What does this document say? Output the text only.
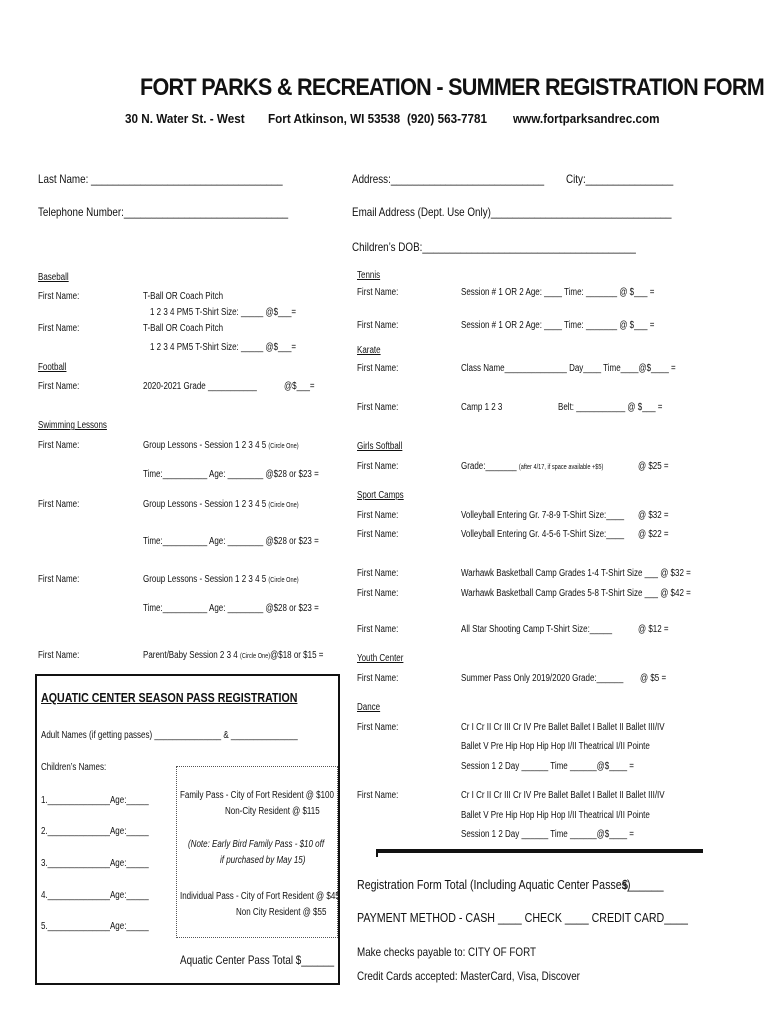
FORT PARKS & RECREATION - SUMMER REGISTRATION FORM
30 N. Water St. - West Fort Atkinson, WI 53538 (920) 563-7781 www.fortparksandrec.com
Last Name: ___________________________________
Telephone Number:______________________________
Address:____________________________ City:________________
Email Address (Dept. Use Only)_________________________________
Children’s DOB:_______________________________________
Baseball
First Name:	T-Ball OR Coach Pitch
1 2 3 4 PM5 T-Shirt Size: _____ @$___=
First Name:	T-Ball OR Coach Pitch
1 2 3 4 PM5 T-Shirt Size: _____ @$___=
Football
First Name:	2020-2021 Grade ___________	@$___=
Swimming Lessons
First Name:	Group Lessons - Session 1 2 3 4 5 (Circle One)
Time:__________ Age: ________ @$28 or $23 =
First Name:	Group Lessons - Session 1 2 3 4 5 (Circle One)
Time:__________ Age: ________ @$28 or $23 =
First Name:	Group Lessons - Session 1 2 3 4 5 (Circle One)
Time:__________ Age: ________ @$28 or $23 =
First Name:	Parent/Baby Session 2 3 4 (Circle One)@$18 or $15 =
AQUATIC CENTER SEASON PASS REGISTRATION
Adult Names (if getting passes) _______________ & _______________
Children’s Names:
1.______________Age:_____
2.______________Age:_____
3.______________Age:_____
4.______________Age:_____
5.______________Age:_____
Family Pass - City of Fort Resident @ $100
Non-City Resident @ $115
(Note: Early Bird Family Pass - $10 off
if purchased by May 15)
Individual Pass - City of Fort Resident @ $45
Non City Resident @ $55
Aquatic Center Pass Total $______
Tennis
First Name:	Session # 1 OR 2 Age: ____ Time: _______ @ $___ =
First Name:	Session # 1 OR 2 Age: ____ Time: _______ @ $___ =
Karate
First Name:	Class Name______________ Day____ Time____@$____ =
First Name:	Camp 1 2 3	Belt: ___________ @ $___ =
Girls Softball
First Name:	Grade:_______ (after 4/17, if space available +$5)	@ $25 =
Sport Camps
First Name:	Volleyball Entering Gr. 7-8-9 T-Shirt Size:____ @ $32 =
First Name:	Volleyball Entering Gr. 4-5-6 T-Shirt Size:____ @ $22 =
First Name:	Warhawk Basketball Camp Grades 1-4 T-Shirt Size ___ @ $32 =
First Name:	Warhawk Basketball Camp Grades 5-8 T-Shirt Size ___ @ $42 =
First Name:	All Star Shooting Camp T-Shirt Size:_____	@ $12 =
Youth Center
First Name:	Summer Pass Only 2019/2020 Grade:______ @ $5 =
Dance
First Name:	Cr I Cr II Cr III Cr IV Pre Ballet Ballet I Ballet II Ballet III/IV
Ballet V Pre Hip Hop Hip Hop I/II Theatrical I/II Pointe
Session 1 2 Day ______ Time ______@$____ =
First Name:	Cr I Cr II Cr III Cr IV Pre Ballet Ballet I Ballet II Ballet III/IV
Ballet V Pre Hip Hop Hip Hop I/II Theatrical I/II Pointe
Session 1 2 Day ______ Time ______@$____ =
Registration Form Total (Including Aquatic Center Passes)
$______
PAYMENT METHOD - CASH ____ CHECK ____ CREDIT CARD____
Make checks payable to: CITY OF FORT
Credit Cards accepted: MasterCard, Visa, Discover
